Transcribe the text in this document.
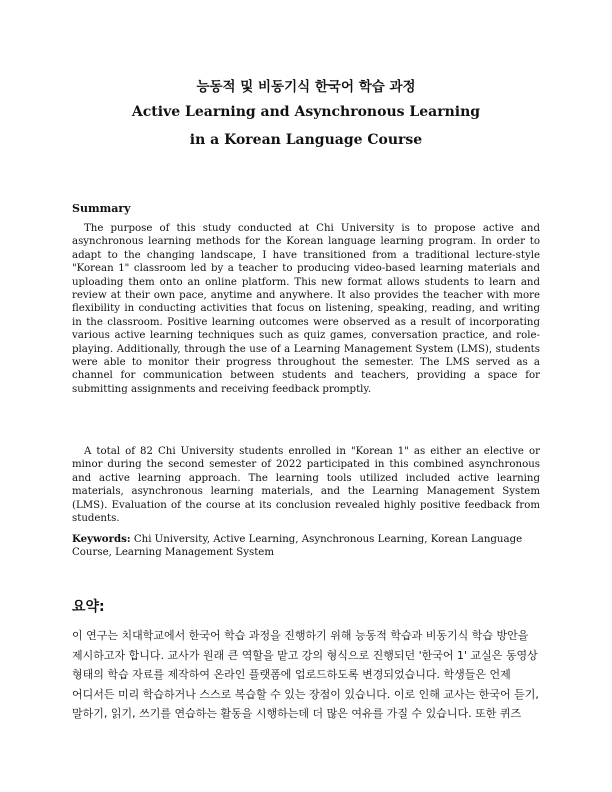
능동적 및 비동기식 한국어 학습 과정
Active Learning and Asynchronous Learning
in a Korean Language Course
Summary

The purpose of this study conducted at Chi University is to propose active and asynchronous learning methods for the Korean language learning program. In order to adapt to the changing landscape, I have transitioned from a traditional lecture-style "Korean 1" classroom led by a teacher to producing video-based learning materials and uploading them onto an online platform. This new format allows students to learn and review at their own pace, anytime and anywhere. It also provides the teacher with more flexibility in conducting activities that focus on listening, speaking, reading, and writing in the classroom. Positive learning outcomes were observed as a result of incorporating various active learning techniques such as quiz games, conversation practice, and role-playing. Additionally, through the use of a Learning Management System (LMS), students were able to monitor their progress throughout the semester. The LMS served as a channel for communication between students and teachers, providing a space for submitting assignments and receiving feedback promptly.

A total of 82 Chi University students enrolled in "Korean 1" as either an elective or minor during the second semester of 2022 participated in this combined asynchronous and active learning approach. The learning tools utilized included active learning materials, asynchronous learning materials, and the Learning Management System (LMS). Evaluation of the course at its conclusion revealed highly positive feedback from students.

Keywords: Chi University, Active Learning, Asynchronous Learning, Korean Language Course, Learning Management System
요약:
이 연구는 치대학교에서 한국어 학습 과정을 진행하기 위해 능동적 학습과 비동기식 학습 방안을
제시하고자 합니다. 교사가 원래 큰 역할을 맡고 강의 형식으로 진행되던 '한국어 1' 교실은 동영상
형태의 학습 자료를 제작하여 온라인 플랫폼에 업로드하도록 변경되었습니다. 학생들은 언제
어디서든 미리 학습하거나 스스로 복습할 수 있는 장점이 있습니다. 이로 인해 교사는 한국어 듣기,
말하기, 읽기, 쓰기를 연습하는 활동을 시행하는데 더 많은 여유를 가질 수 있습니다. 또한 퀴즈
